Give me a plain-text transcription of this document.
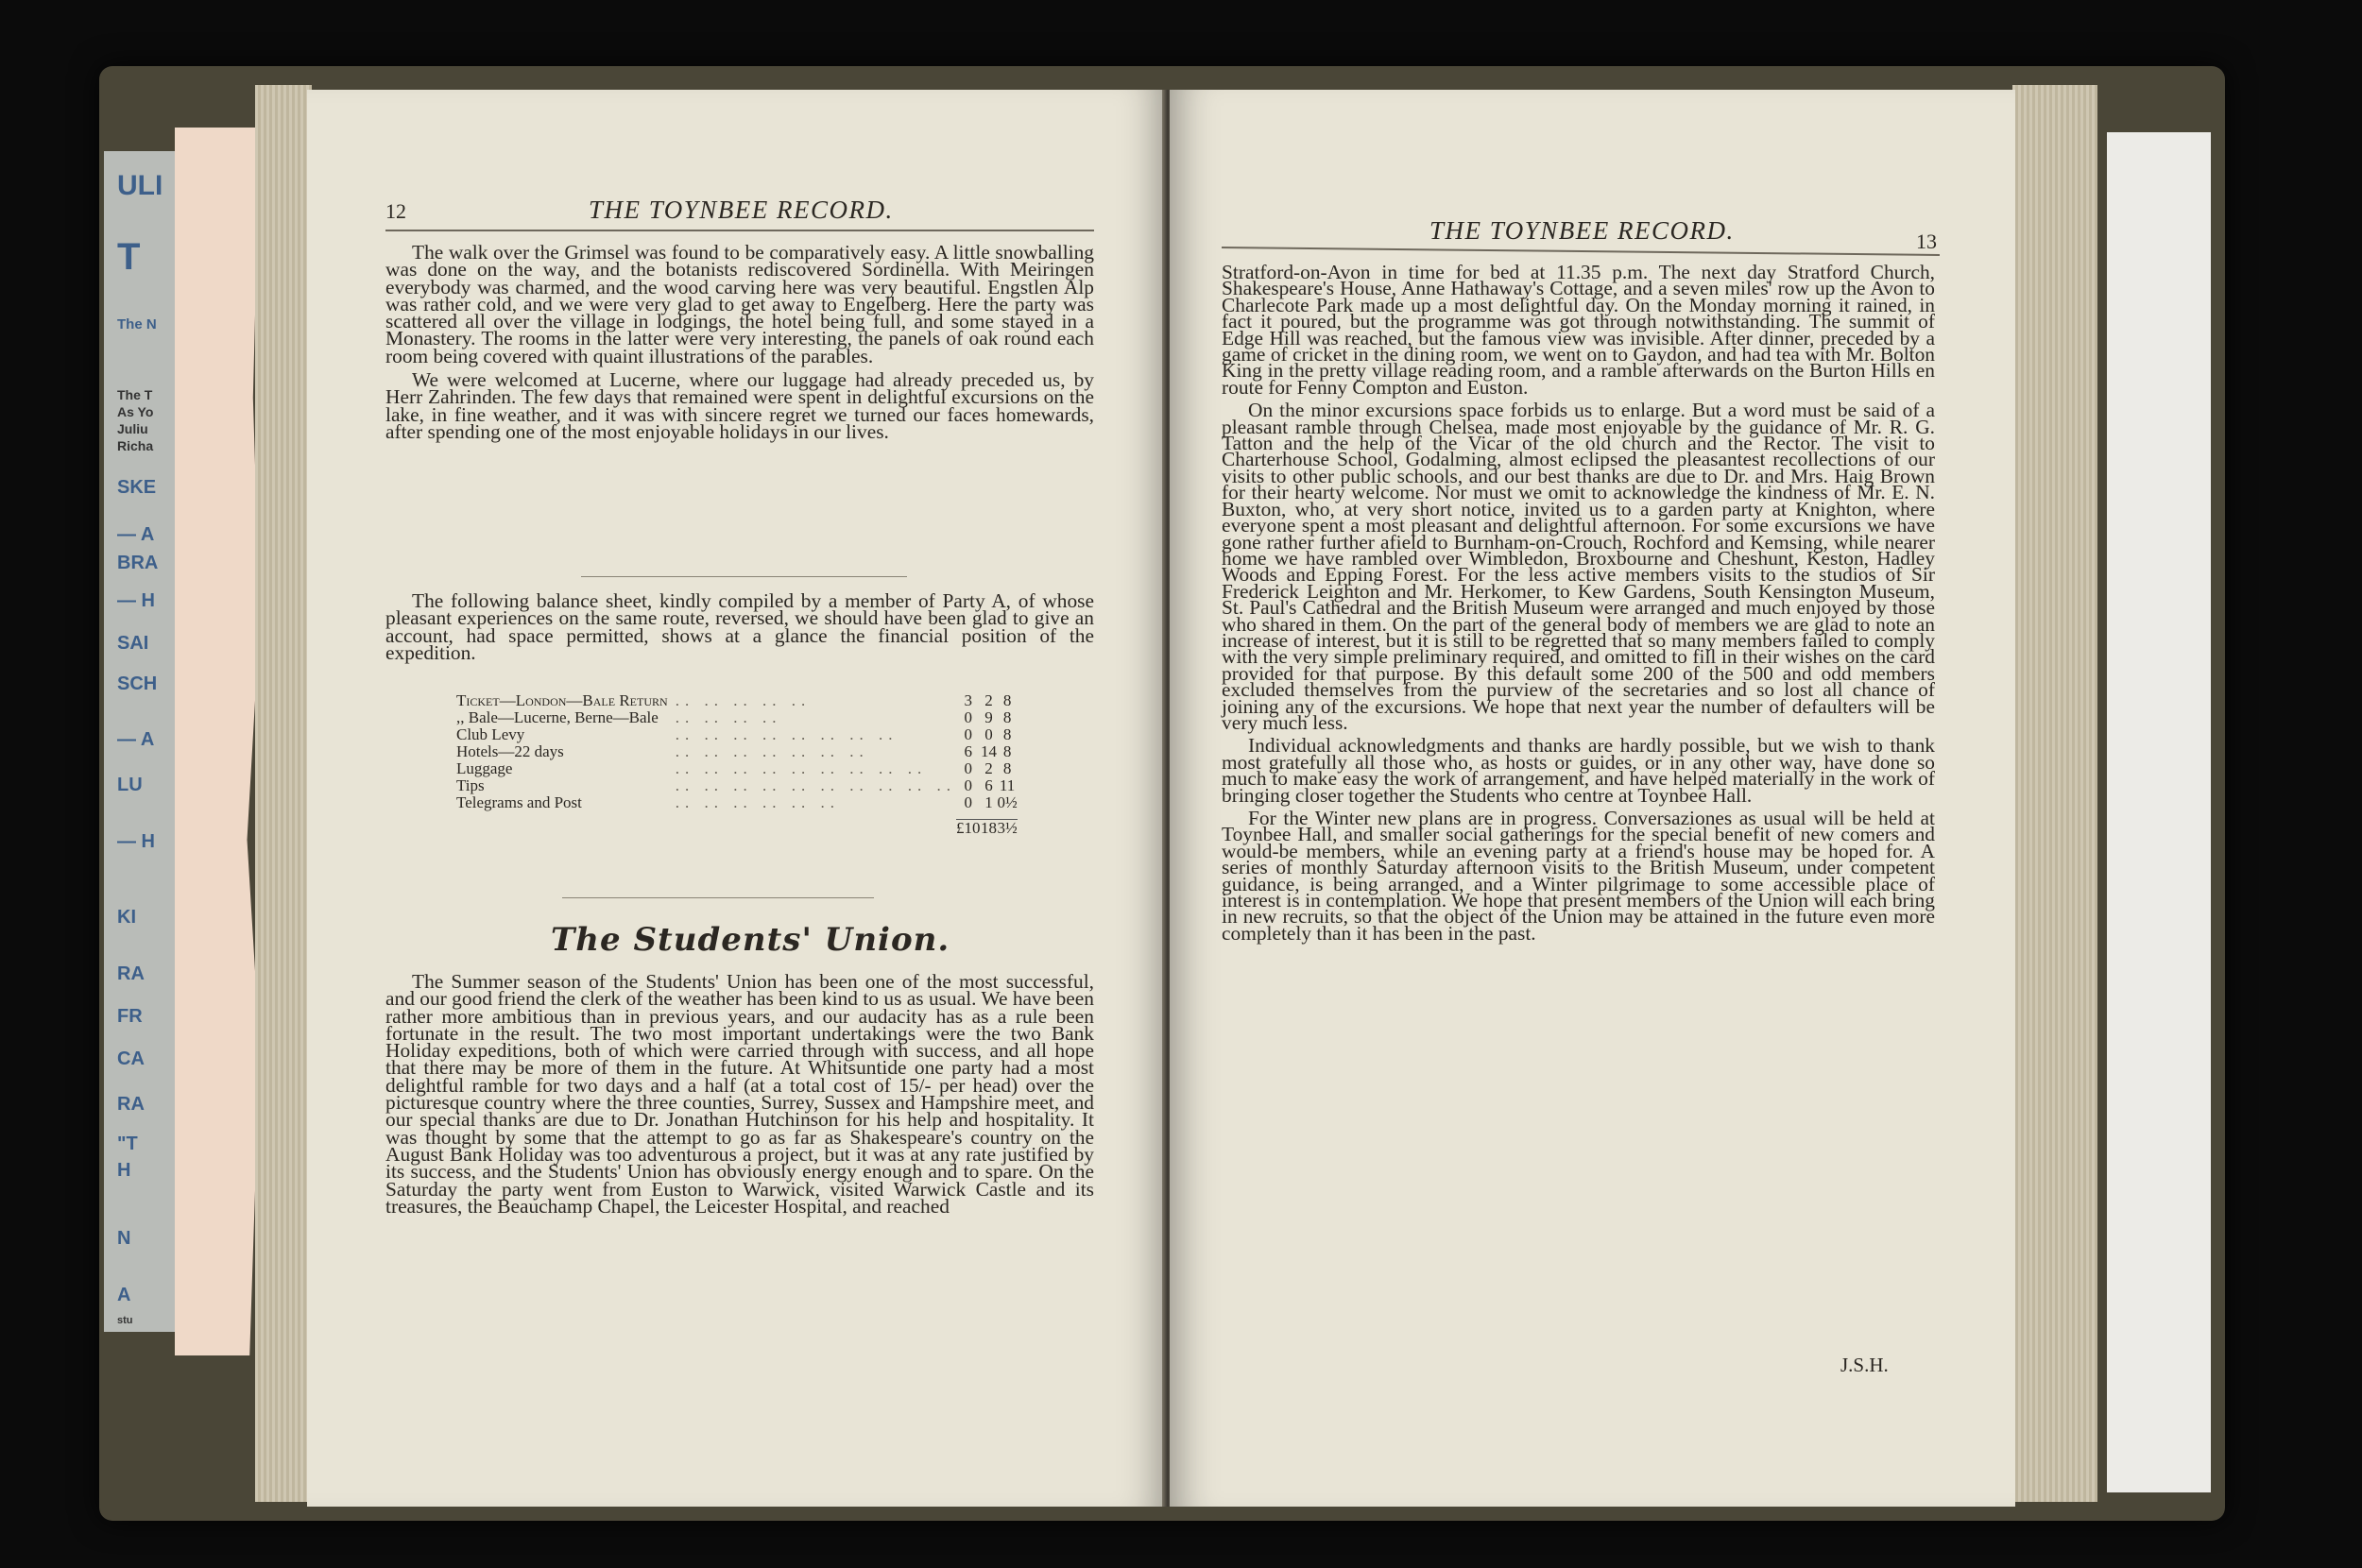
ULI
T
The N
The T
As Yo
Juliu
Richa
SKE
— A
BRA
— H
SAI
SCH
— A
LU
— H
KI
RA
FR
CA
RA
"T
H
N
A
stu
12	THE TOYNBEE RECORD.

The walk over the Grimsel was found to be comparatively easy. A little snowballing was done on the way, and the botanists rediscovered Sordinella. With Meiringen everybody was charmed, and the wood carving here was very beautiful. Engstlen Alp was rather cold, and we were very glad to get away to Engelberg. Here the party was scattered all over the village in lodgings, the hotel being full, and some stayed in a Monastery. The rooms in the latter were very interesting, the panels of oak round each room being covered with quaint illustrations of the parables.

We were welcomed at Lucerne, where our luggage had already preceded us, by Herr Zahrinden. The few days that remained were spent in delightful excursions on the lake, in fine weather, and it was with sincere regret we turned our faces homewards, after spending one of the most enjoyable holidays in our lives.

The following balance sheet, kindly compiled by a member of Party A, of whose pleasant experiences on the same route, reversed, we should have been glad to give an account, had space permitted, shows at a glance the financial position of the expedition.

Ticket—London—Bale Return	.. .. .. .. ..	3	2	8
,, Bale—Lucerne, Berne—Bale	.. .. .. ..	0	9	8
Club Levy	.. .. .. .. .. .. .. ..	0	0	8
Hotels—22 days	.. .. .. .. .. .. ..	6	14	8
Luggage	.. .. .. .. .. .. .. .. ..	0	2	8
Tips	.. .. .. .. .. .. .. .. .. ..	0	6	11
Telegrams and Post	.. .. .. .. .. ..	0	1	0½

		£10	18	3½
The Students' Union.

The Summer season of the Students' Union has been one of the most successful, and our good friend the clerk of the weather has been kind to us as usual. We have been rather more ambitious than in previous years, and our audacity has as a rule been fortunate in the result. The two most important undertakings were the two Bank Holiday expeditions, both of which were carried through with success, and all hope that there may be more of them in the future. At Whitsuntide one party had a most delightful ramble for two days and a half (at a total cost of 15/- per head) over the picturesque country where the three counties, Surrey, Sussex and Hampshire meet, and our special thanks are due to Dr. Jonathan Hutchinson for his help and hospitality. It was thought by some that the attempt to go as far as Shakespeare's country on the August Bank Holiday was too adventurous a project, but it was at any rate justified by its success, and the Students' Union has obviously energy enough and to spare. On the Saturday the party went from Euston to Warwick, visited Warwick Castle and its treasures, the Beauchamp Chapel, the Leicester Hospital, and reached

THE TOYNBEE RECORD.	13

Stratford-on-Avon in time for bed at 11.35 p.m. The next day Stratford Church, Shakespeare's House, Anne Hathaway's Cottage, and a seven miles' row up the Avon to Charlecote Park made up a most delightful day. On the Monday morning it rained, in fact it poured, but the programme was got through notwithstanding. The summit of Edge Hill was reached, but the famous view was invisible. After dinner, preceded by a game of cricket in the dining room, we went on to Gaydon, and had tea with Mr. Bolton King in the pretty village reading room, and a ramble afterwards on the Burton Hills en route for Fenny Compton and Euston.

On the minor excursions space forbids us to enlarge. But a word must be said of a pleasant ramble through Chelsea, made most enjoyable by the guidance of Mr. R. G. Tatton and the help of the Vicar of the old church and the Rector. The visit to Charterhouse School, Godalming, almost eclipsed the pleasantest recollections of our visits to other public schools, and our best thanks are due to Dr. and Mrs. Haig Brown for their hearty welcome. Nor must we omit to acknowledge the kindness of Mr. E. N. Buxton, who, at very short notice, invited us to a garden party at Knighton, where everyone spent a most pleasant and delightful afternoon. For some excursions we have gone rather further afield to Burnham-on-Crouch, Rochford and Kemsing, while nearer home we have rambled over Wimbledon, Broxbourne and Cheshunt, Keston, Hadley Woods and Epping Forest. For the less active members visits to the studios of Sir Frederick Leighton and Mr. Herkomer, to Kew Gardens, South Kensington Museum, St. Paul's Cathedral and the British Museum were arranged and much enjoyed by those who shared in them. On the part of the general body of members we are glad to note an increase of interest, but it is still to be regretted that so many members failed to comply with the very simple preliminary required, and omitted to fill in their wishes on the card provided for that purpose. By this default some 200 of the 500 and odd members excluded themselves from the purview of the secretaries and so lost all chance of joining any of the excursions. We hope that next year the number of defaulters will be very much less.

Individual acknowledgments and thanks are hardly possible, but we wish to thank most gratefully all those who, as hosts or guides, or in any other way, have done so much to make easy the work of arrangement, and have helped materially in the work of bringing closer together the Students who centre at Toynbee Hall.

For the Winter new plans are in progress. Conversaziones as usual will be held at Toynbee Hall, and smaller social gatherings for the special benefit of new comers and would-be members, while an evening party at a friend's house may be hoped for. A series of monthly Saturday afternoon visits to the British Museum, under competent guidance, is being arranged, and a Winter pilgrimage to some accessible place of interest is in contemplation. We hope that present members of the Union will each bring in new recruits, so that the object of the Union may be attained in the future even more completely than it has been in the past.

J.S.H.
